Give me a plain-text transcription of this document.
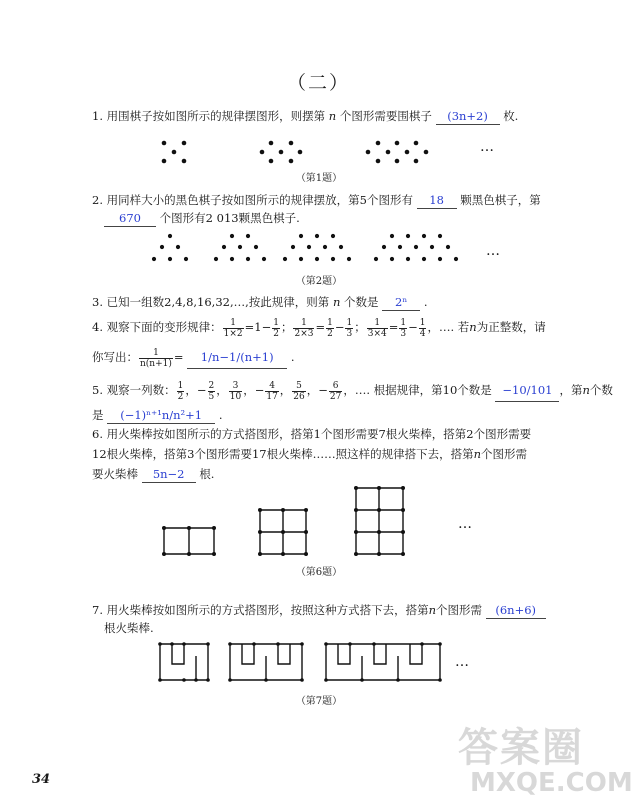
（二）
1. 用围棋子按如图所示的规律摆图形，则摆第 n 个图形需要围棋子 (3n+2) 枚.
（第1题）
…
2. 用同样大小的黑色棋子按如图所示的规律摆放，第5个图形有 18 颗黑色棋子，第
670 个图形有2 013颗黑色棋子.
（第2题）
…
3. 已知一组数2,4,8,16,32,…,按此规律，则第 n 个数是 2ⁿ .
4. 观察下面的变形规律： $\frac{1}{1\times 2} =1- \frac{1}{2}$ ； $\frac{1}{2\times 3} = \frac{1}{2} - \frac{1}{3}$ ； $\frac{1}{3\times 4} = \frac{1}{3} - \frac{1}{4}$ ，…. 若n为正整数，请
你写出： $\frac{1}{n(n+1)} = 1/n-1/(n+1)$ .
5. 观察一列数： $\frac{1}{2}$ ，− $\frac{2}{5}$ ， $\frac{3}{10}$ ，− $\frac{4}{17}$ ， $\frac{5}{26}$ ，− $\frac{6}{27}$ ，…. 根据规律，第10个数是 −10/101 ，第n个数
是 (−1)ⁿ⁺¹n/n²+1 .
6. 用火柴棒按如图所示的方式搭图形，搭第1个图形需要7根火柴棒，搭第2个图形需要
12根火柴棒，搭第3个图形需要17根火柴棒……照这样的规律搭下去，搭第n个图形需
要火柴棒 5n−2 根.
（第6题）
…
7. 用火柴棒按如图所示的方式搭图形，按照这种方式搭下去，搭第n个图形需 (6n+6)
根火柴棒.
（第7题）
…
34
答案圈
MXQE.COM
